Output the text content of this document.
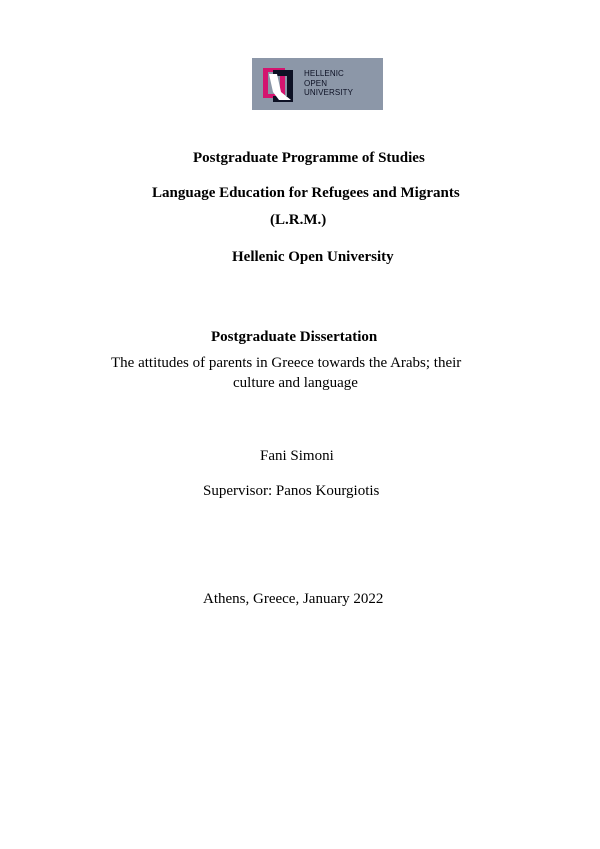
HELLENIC
OPEN
UNIVERSITY
Postgraduate Programme of Studies
Language Education for Refugees and Migrants
(L.R.M.)
Hellenic Open University
Postgraduate Dissertation
The attitudes of parents in Greece towards the Arabs; their
culture and language
Fani Simoni
Supervisor: Panos Kourgiotis
Athens, Greece, January 2022
